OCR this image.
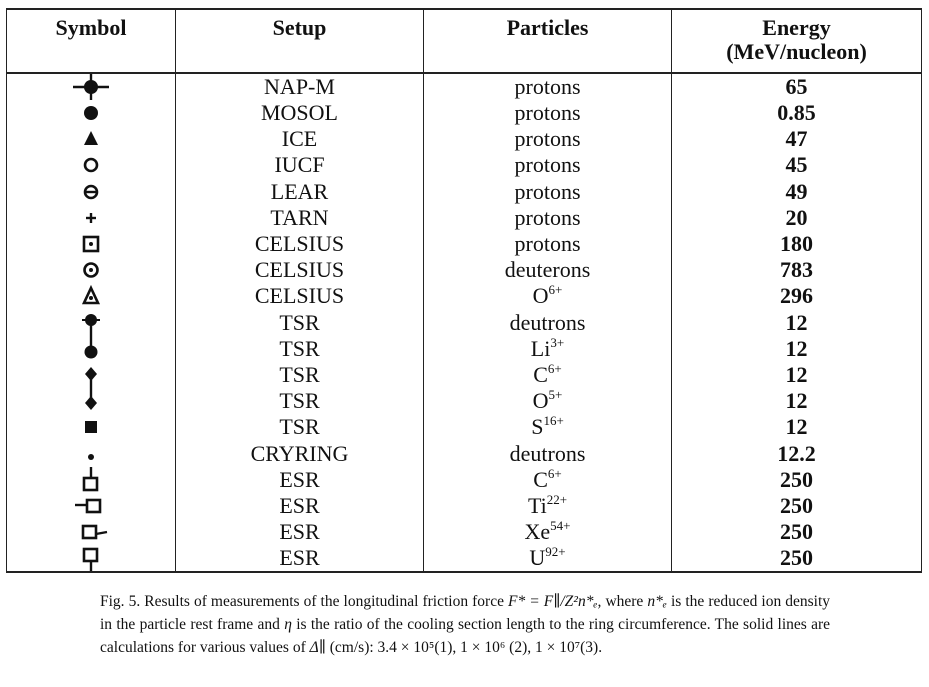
Symbol	Setup	Particles	Energy
(MeV/nucleon)

	NAP-M	protons	65

	MOSOL	protons	0.85

	ICE	protons	47

	IUCF	protons	45

	LEAR	protons	49

	TARN	protons	20

	CELSIUS	protons	180

	CELSIUS	deuterons	783

	CELSIUS	$O^{6+}$	296

	TSR	deutrons	12

	TSR	$Li^{3+}$	12

	TSR	$C^{6+}$	12

	TSR	$O^{5+}$	12

	TSR	$S^{16+}$	12

	CRYRING	deutrons	12.2

	ESR	$C^{6+}$	250

	ESR	$Ti^{22+}$	250

	ESR	$Xe^{54+}$	250

	ESR	$U^{92+}$	250
Fig. 5. Results of measurements of the longitudinal friction force F* = F∥/Z²n*ₑ, where n*ₑ is the reduced ion density in the particle rest frame and η is the ratio of the cooling section length to the ring circumference. The solid lines are calculations for various values of Δ∥ (cm/s): 3.4 × 10⁵(1), 1 × 10⁶ (2), 1 × 10⁷(3).
